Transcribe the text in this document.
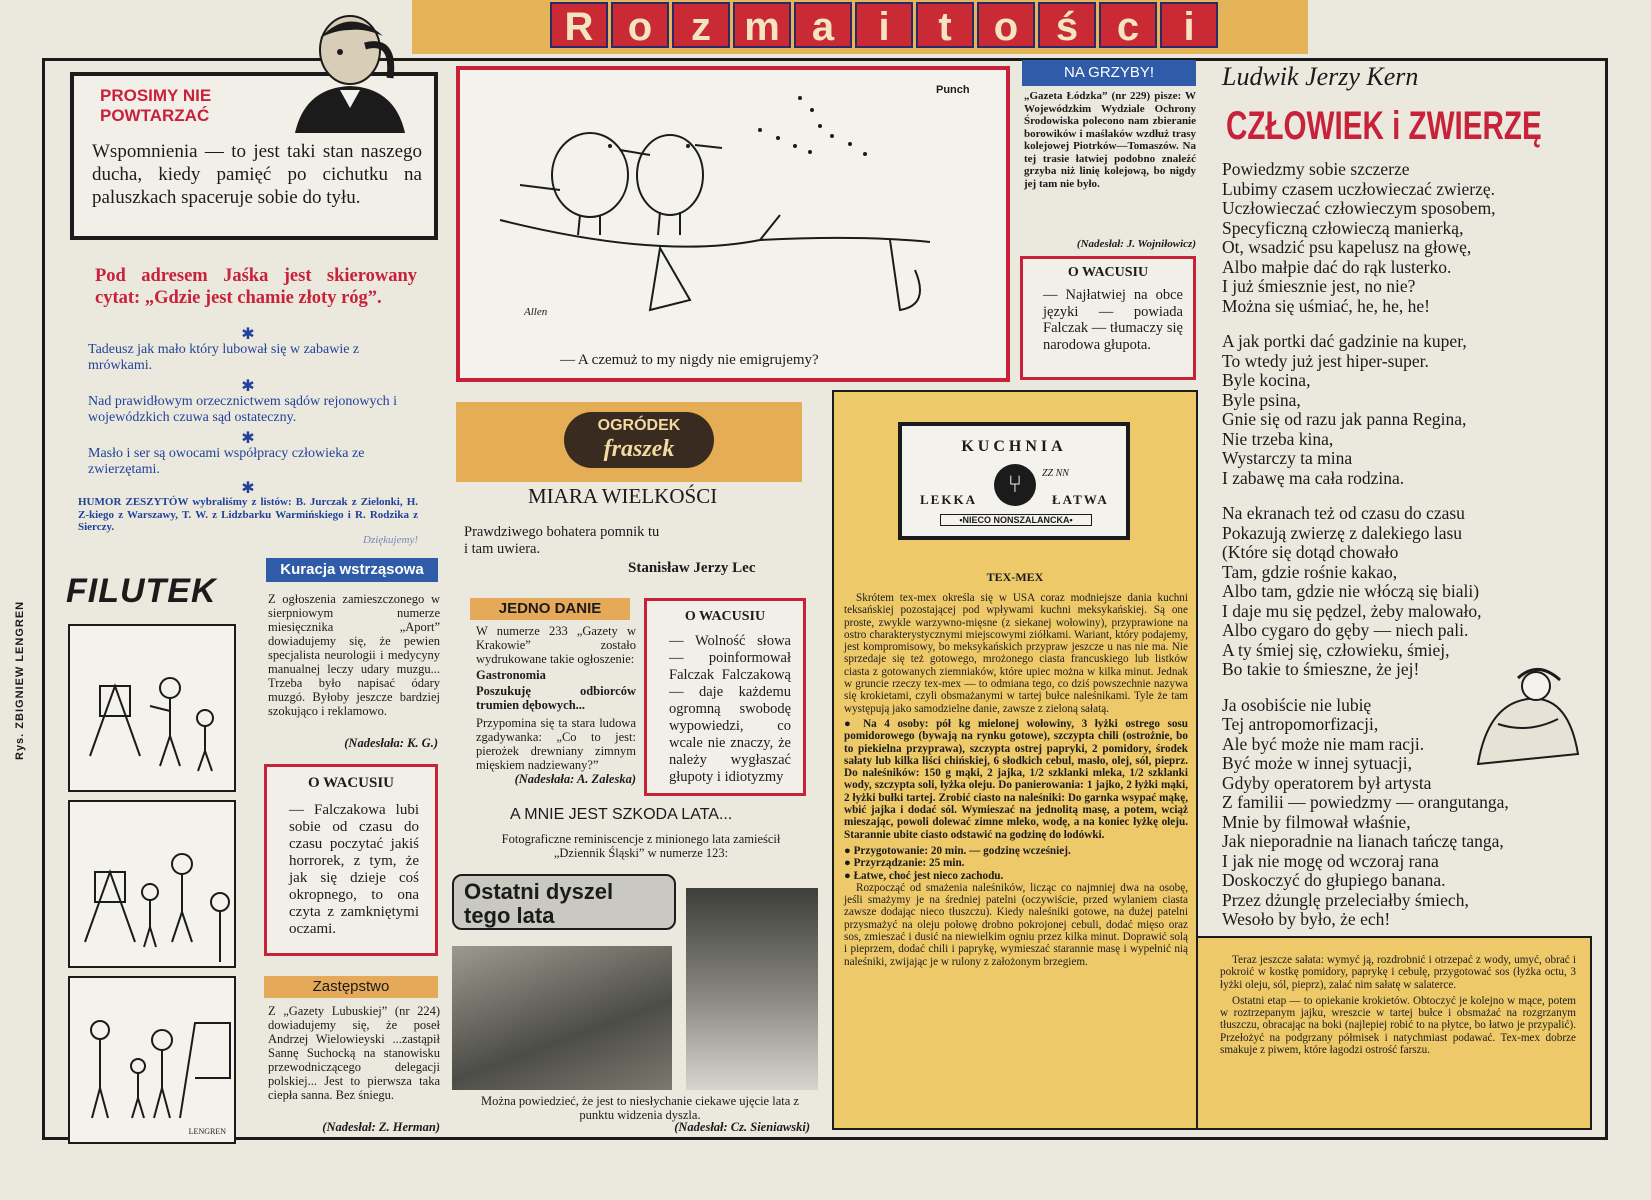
R o z m a	i	t	o ś c	i
Rys. ZBIGNIEW LENGREN
PROSIMY NIE
POWTARZAĆ
Wspomnienia — to jest taki stan naszego ducha, kiedy pamięć po cichutku na paluszkach spaceruje sobie do tyłu.
Pod adresem Jaśka jest skierowany cytat: „Gdzie jest chamie złoty róg”.
✱
Tadeusz jak mało który lubował się w zabawie z mrówkami.
✱
Nad prawidłowym orzecznictwem sądów rejonowych i wojewódzkich czuwa sąd ostateczny.
✱
Masło i ser są owocami współpracy człowieka ze zwierzętami.
✱
HUMOR ZESZYTÓW wybraliśmy z listów: B. Jurczak z Zielonki, H. Z-kiego z Warszawy, T. W. z Lidzbarku Warmińskiego i R. Rodzika z Sierczy.
Dziękujemy!
FILUTEK
LENGREN
Kuracja wstrząsowa
Z ogłoszenia zamieszczonego w sierpniowym numerze miesięcznika „Aport” dowiadujemy się, że pewien specjalista neurologii i medycyny manualnej leczy udary muzgu... Trzeba było napisać ódary muzgó. Byłoby jeszcze bardziej szokująco i reklamowo.
(Nadesłała: K. G.)
O WACUSIU
— Falczakowa lubi sobie od czasu do czasu poczytać jakiś horrorek, z tym, że jak się dzieje coś okropnego, to ona czyta z zamkniętymi oczami.
Zastępstwo
Z „Gazety Lubuskiej” (nr 224) dowiadujemy się, że poseł Andrzej Wielowieyski ...zastąpił Sannę Suchocką na stanowisku przewodniczącego delegacji polskiej... Jest to pierwsza taka ciepła sanna. Bez śniegu.
(Nadesłał: Z. Herman)
Punch
Allen
— A czemuż to my nigdy nie emigrujemy?
NA GRZYBY!
„Gazeta Łódzka” (nr 229) pisze: W Wojewódzkim Wydziale Ochrony Środowiska polecono nam zbieranie borowików i maślaków wzdłuż trasy kolejowej Piotrków—Tomaszów. Na tej trasie łatwiej podobno znaleźć grzyba niż linię kolejową, bo nigdy jej tam nie było.
(Nadesłał: J. Wojniłowicz)
O WACUSIU
— Najłatwiej na obce języki — powiada Falczak — tłumaczy się narodowa głupota.
OGRÓDEK
fraszek
MIARA WIELKOŚCI
Prawdziwego bohatera pomnik tu i tam uwiera.
Stanisław Jerzy Lec
JEDNO DANIE
W numerze 233 „Gazety w Krakowie” zostało wydrukowane takie ogłoszenie:
Gastronomia
Poszukuję odbiorców trumien dębowych...
Przypomina się ta stara ludowa zgadywanka: „Co to jest: pierożek drewniany zimnym mięskiem nadziewany?”
(Nadesłała: A. Zaleska)
O WACUSIU
— Wolność słowa — poinformował Falczak Falczakową — daje każdemu ogromną swobodę wypowiedzi, co wcale nie znaczy, że należy wygłaszać głupoty i idiotyzmy
A MNIE JEST SZKODA LATA...
Fotograficzne reminiscencje z minionego lata zamieścił „Dziennik Śląski” w numerze 123:
Ostatni dyszel
tego lata
Można powiedzieć, że jest to niesłychanie ciekawe ujęcie lata z punktu widzenia dyszla.
(Nadesłał: Cz. Sieniawski)
KUCHNIA
⑂	ZZ NN
LEKKA	ŁATWA
•NIECO NONSZALANCKA•
TEX-MEX
Skrótem tex-mex określa się w USA coraz modniejsze dania kuchni teksańskiej pozostającej pod wpływami kuchni meksykańskiej. Są one proste, zwykle warzywno-mięsne (z siekanej wołowiny), przyprawione na ostro charakterystycznymi miejscowymi ziółkami. Wariant, który podajemy, jest kompromisowy, bo meksykańskich przypraw jeszcze u nas nie ma. Nie sprzedaje się też gotowego, mrożonego ciasta francuskiego lub listków ciasta z gotowanych ziemniaków, które upiec można w kilka minut. Jednak w gruncie rzeczy tex-mex — to odmiana tego, co dziś powszechnie nazywa się krokietami, czyli obsmażanymi w tartej bułce naleśnikami. Tyle że tam występują jako samodzielne danie, zawsze z zieloną sałatą.
● Na 4 osoby: pół kg mielonej wołowiny, 3 łyżki ostrego sosu pomidorowego (bywają na rynku gotowe), szczypta chili (ostrożnie, bo to piekielna przyprawa), szczypta ostrej papryki, 2 pomidory, środek sałaty lub kilka liści chińskiej, 6 słodkich cebul, masło, olej, sól, pieprz. Do naleśników: 150 g mąki, 2 jajka, 1/2 szklanki mleka, 1/2 szklanki wody, szczypta soli, łyżka oleju. Do panierowania: 1 jajko, 2 łyżki mąki, 2 łyżki bułki tartej. Zrobić ciasto na naleśniki: Do garnka wsypać mąkę, wbić jajka i dodać sól. Wymieszać na jednolitą masę, a potem, wciąż mieszając, powoli dolewać zimne mleko, wodę, a na koniec łyżkę oleju. Starannie ubite ciasto odstawić na godzinę do lodówki.
● Przygotowanie: 20 min. — godzinę wcześniej.
● Przyrządzanie: 25 min.
● Łatwe, choć jest nieco zachodu.
Rozpocząć od smażenia naleśników, licząc co najmniej dwa na osobę, jeśli smażymy je na średniej patelni (oczywiście, przed wylaniem ciasta zawsze dodając nieco tłuszczu). Kiedy naleśniki gotowe, na dużej patelni przysmażyć na oleju połowę drobno pokrojonej cebuli, dodać mięso oraz sos, zmieszać i dusić na niewielkim ogniu przez kilka minut. Doprawić solą i pieprzem, dodać chili i paprykę, wymieszać starannie masę i wypełnić nią naleśniki, zwijając je w rulony z założonym brzegiem.	Teraz jeszcze sałata: wymyć ją, rozdrobnić i otrzepać z wody, umyć, obrać i pokroić w kostkę pomidory, paprykę i cebulę, przygotować sos (łyżka octu, 3 łyżki oleju, sól, pieprz), zalać nim sałatę w salaterce.
Ostatni etap — to opiekanie krokietów. Obtoczyć je kolejno w mące, potem w roztrzepanym jajku, wreszcie w tartej bułce i obsmażać na rozgrzanym tłuszczu, obracając na boki (najlepiej robić to na płytce, bo łatwo je przypalić). Przełożyć na podgrzany półmisek i natychmiast podawać. Tex-mex dobrze smakuje z piwem, które łagodzi ostrość farszu.
Ludwik Jerzy Kern
CZŁOWIEK i ZWIERZĘ
Powiedzmy sobie szczerze
Lubimy czasem uczłowieczać zwierzę.
Uczłowieczać człowieczym sposobem,
Specyficzną człowieczą manierką,
Ot, wsadzić psu kapelusz na głowę,
Albo małpie dać do rąk lusterko.
I już śmiesznie jest, no nie?
Można się uśmiać, he, he, he!
A jak portki dać gadzinie na kuper,
To wtedy już jest hiper-super.
Byle kocina,
Byle psina,
Gnie się od razu jak panna Regina,
Nie trzeba kina,
Wystarczy ta mina
I zabawę ma cała rodzina.
Na ekranach też od czasu do czasu
Pokazują zwierzę z dalekiego lasu
(Które się dotąd chowało
Tam, gdzie rośnie kakao,
Albo tam, gdzie nie włóczą się biali)
I daje mu się pędzel, żeby malowało,
Albo cygaro do gęby — niech pali.
A ty śmiej się, człowieku, śmiej,
Bo takie to śmieszne, że jej!
Ja osobiście nie lubię
Tej antropomorfizacji,
Ale być może nie mam racji.
Być może w innej sytuacji,
Gdyby operatorem był artysta
Z familii — powiedzmy — orangutanga,
Mnie by filmował właśnie,
Jak nieporadnie na lianach tańczę tanga,
I jak nie mogę od wczoraj rana
Doskoczyć do głupiego banana.
Przez dżunglę przeleciałby śmiech,
Wesoło by było, że ech!
